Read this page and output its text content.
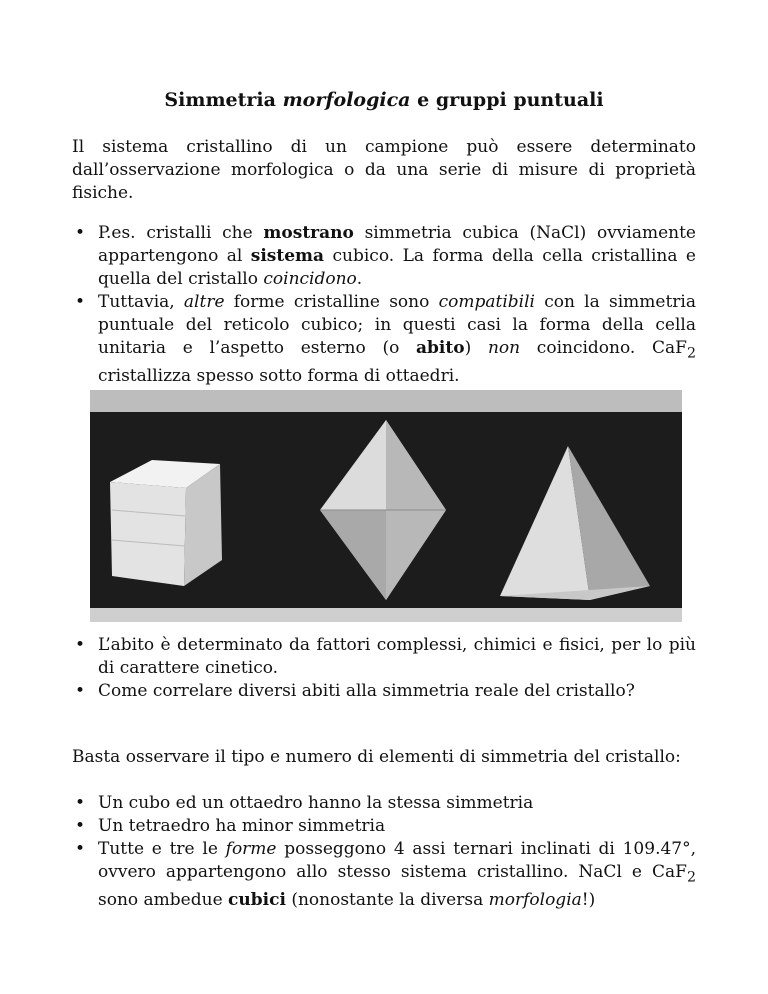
Simmetria morfologica e gruppi puntuali

Il sistema cristallino di un campione può essere determinato dall’osservazione morfologica o da una serie di misure di proprietà fisiche.

• P.es. cristalli che mostrano simmetria cubica (NaCl) ovviamente appartengono al sistema cubico. La forma della cella cristallina e quella del cristallo coincidono.
• Tuttavia, altre forme cristalline sono compatibili con la simmetria puntuale del reticolo cubico; in questi casi la forma della cella unitaria e l’aspetto esterno (o abito) non coincidono. CaF$_2$ cristallizza spesso sotto forma di ottaedri.
• L’abito è determinato da fattori complessi, chimici e fisici, per lo più di carattere cinetico.
• Come correlare diversi abiti alla simmetria reale del cristallo?

Basta osservare il tipo e numero di elementi di simmetria del cristallo:

• Un cubo ed un ottaedro hanno la stessa simmetria
• Un tetraedro ha minor simmetria
• Tutte e tre le forme posseggono 4 assi ternari inclinati di 109.47°, ovvero appartengono allo stesso sistema cristallino. NaCl e CaF$_2$ sono ambedue cubici (nonostante la diversa morfologia!)
